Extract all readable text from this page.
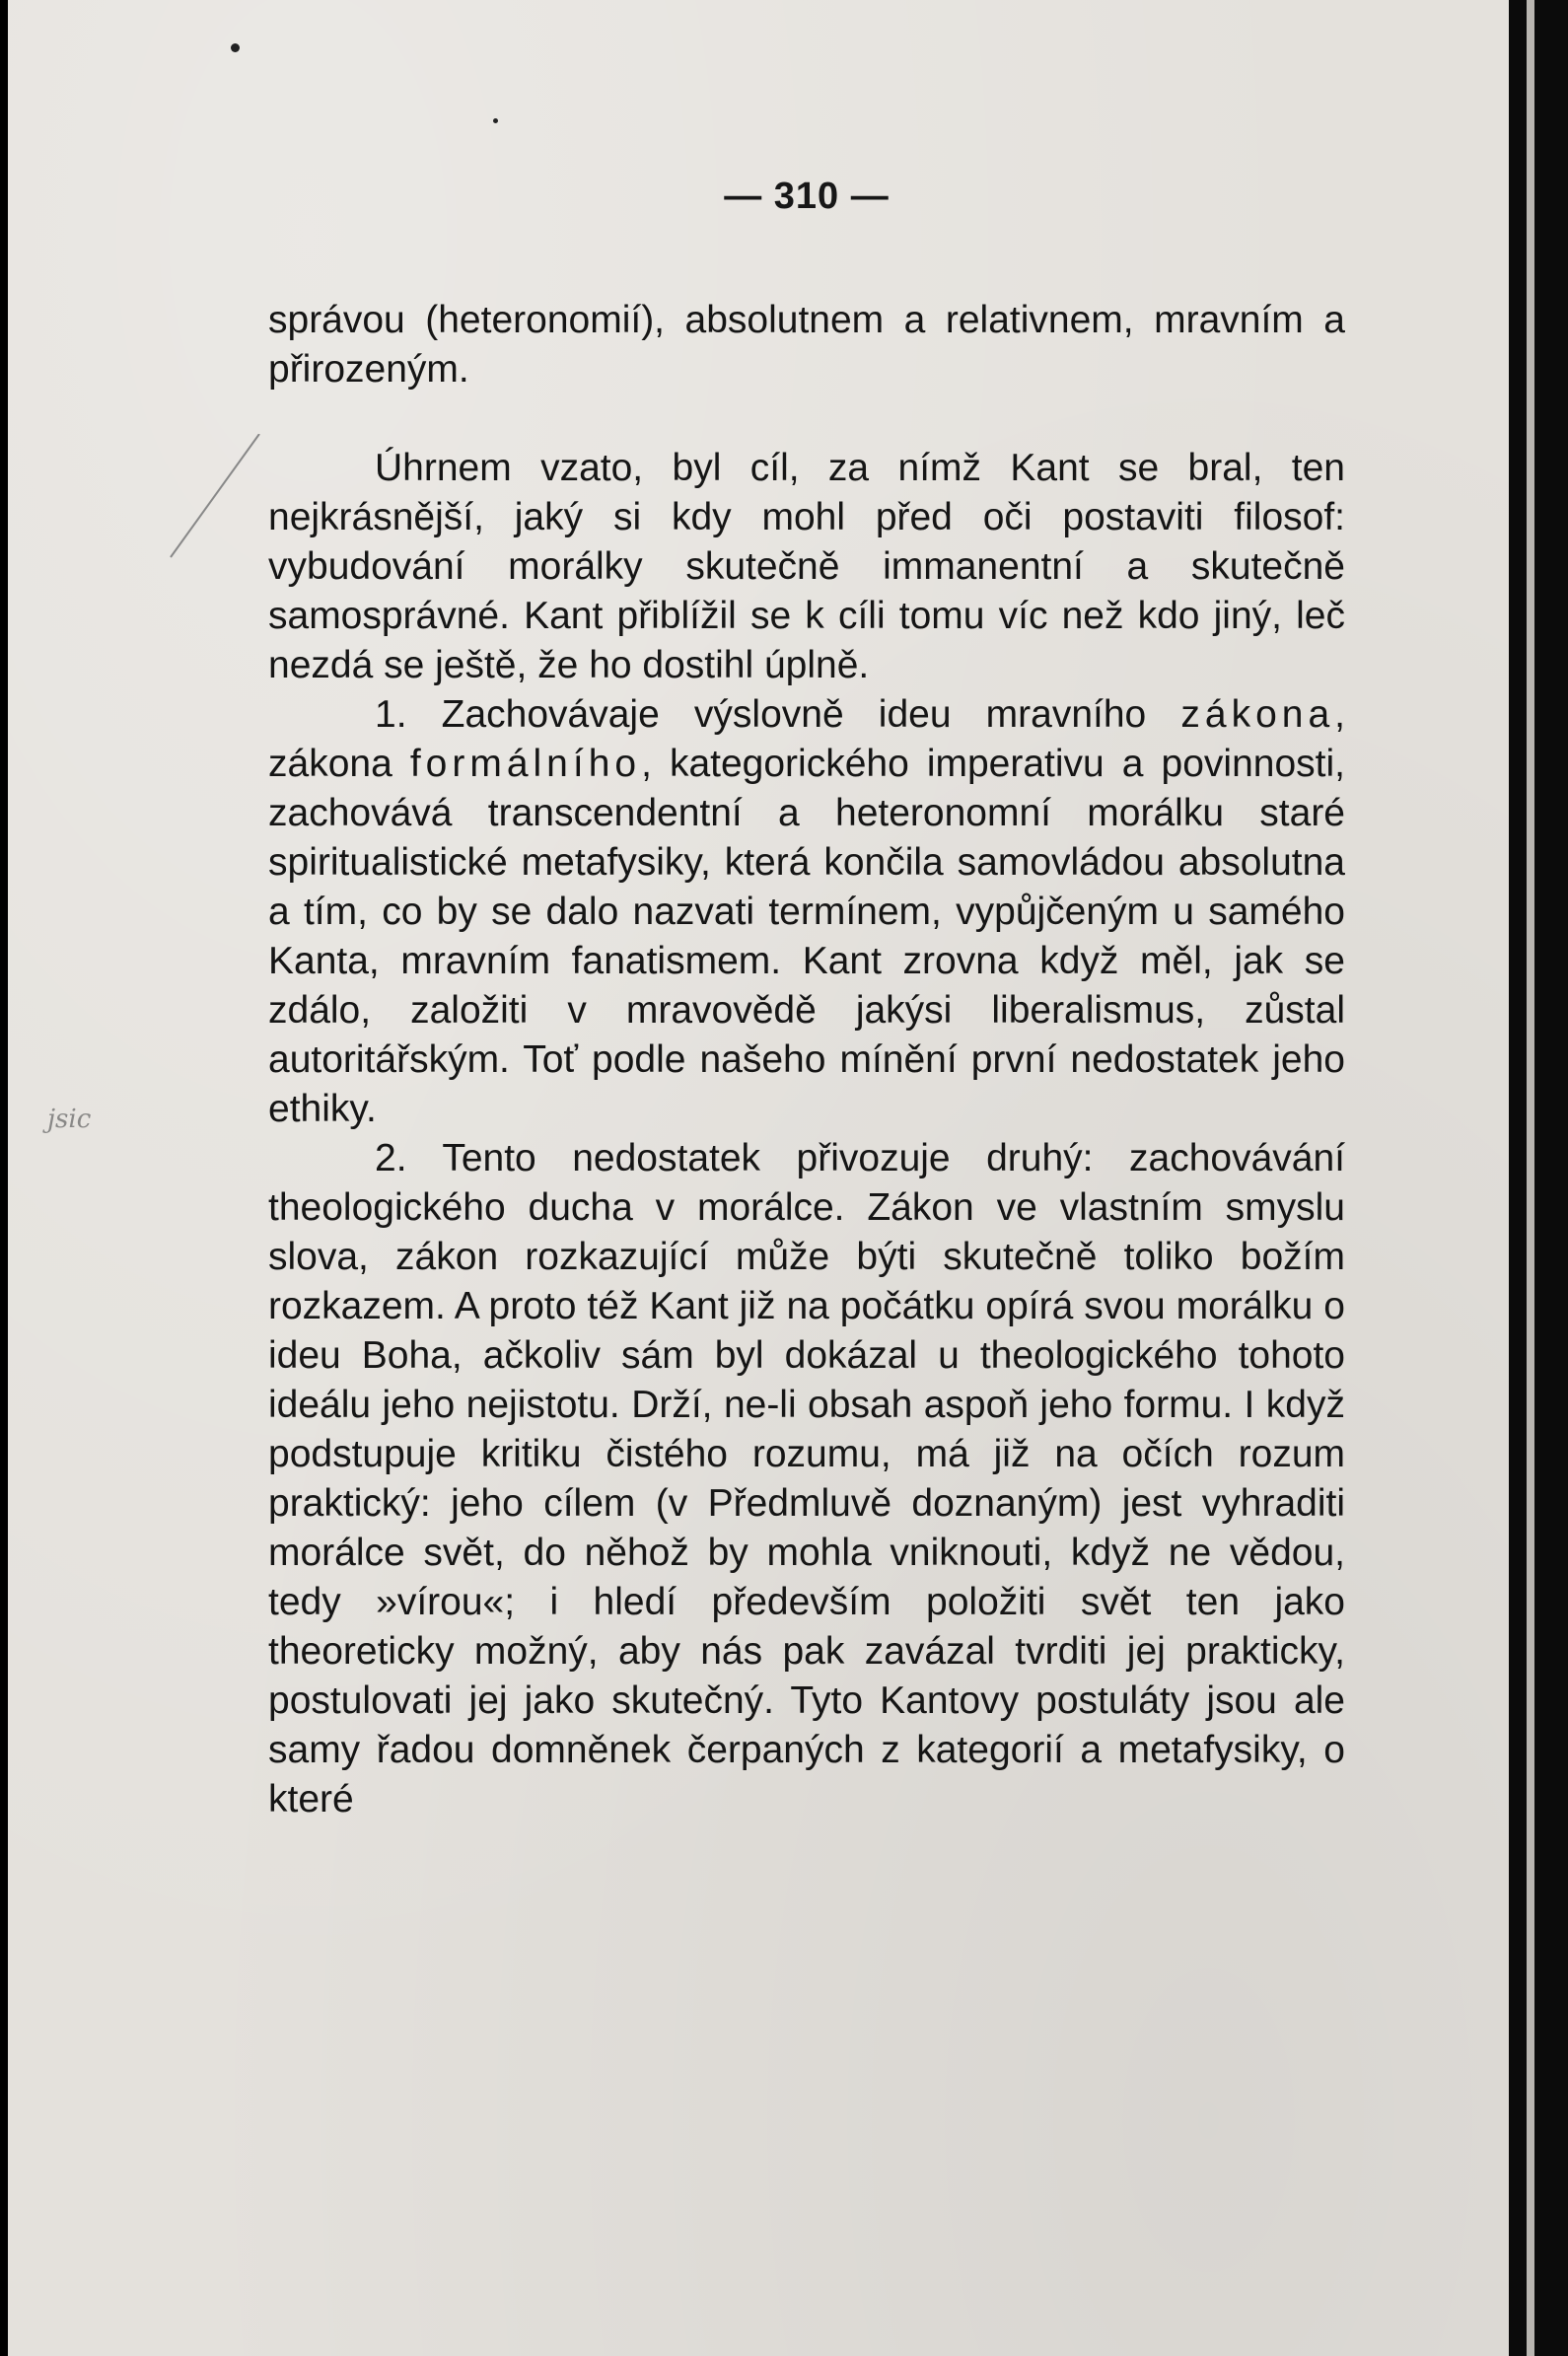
— 310 —
jsic

správou (heteronomií), absolutnem a relativnem, mravním a přirozeným.

Úhrnem vzato, byl cíl, za nímž Kant se bral, ten nejkrásnější, jaký si kdy mohl před oči postaviti filosof: vybudování morálky skutečně immanentní a skutečně samosprávné. Kant přiblížil se k cíli tomu víc než kdo jiný, leč nezdá se ještě, že ho dostihl úplně.

1. Zachovávaje výslovně ideu mravního zákona, zákona formálního, kategorického imperativu a povinnosti, zachovává transcendentní a heteronomní morálku staré spiritualistické metafysiky, která končila samovládou absolutna a tím, co by se dalo nazvati termínem, vypůjčeným u samého Kanta, mravním fanatismem. Kant zrovna když měl, jak se zdálo, založiti v mravovědě jakýsi liberalismus, zůstal autoritářským. Toť podle našeho mínění první nedostatek jeho ethiky.

2. Tento nedostatek přivozuje druhý: zachovávání theologického ducha v morálce. Zákon ve vlastním smyslu slova, zákon rozkazující může býti skutečně toliko božím rozkazem. A proto též Kant již na počátku opírá svou morálku o ideu Boha, ačkoliv sám byl dokázal u theologického tohoto ideálu jeho nejistotu. Drží, ne-li obsah aspoň jeho formu. I když podstupuje kritiku čistého rozumu, má již na očích rozum praktický: jeho cílem (v Předmluvě doznaným) jest vyhraditi morálce svět, do něhož by mohla vniknouti, když ne vědou, tedy »vírou«; i hledí především položiti svět ten jako theoreticky možný, aby nás pak zavázal tvrditi jej prakticky, postulovati jej jako skutečný. Tyto Kantovy postuláty jsou ale samy řadou domněnek čerpaných z kategorií a metafysiky, o které
